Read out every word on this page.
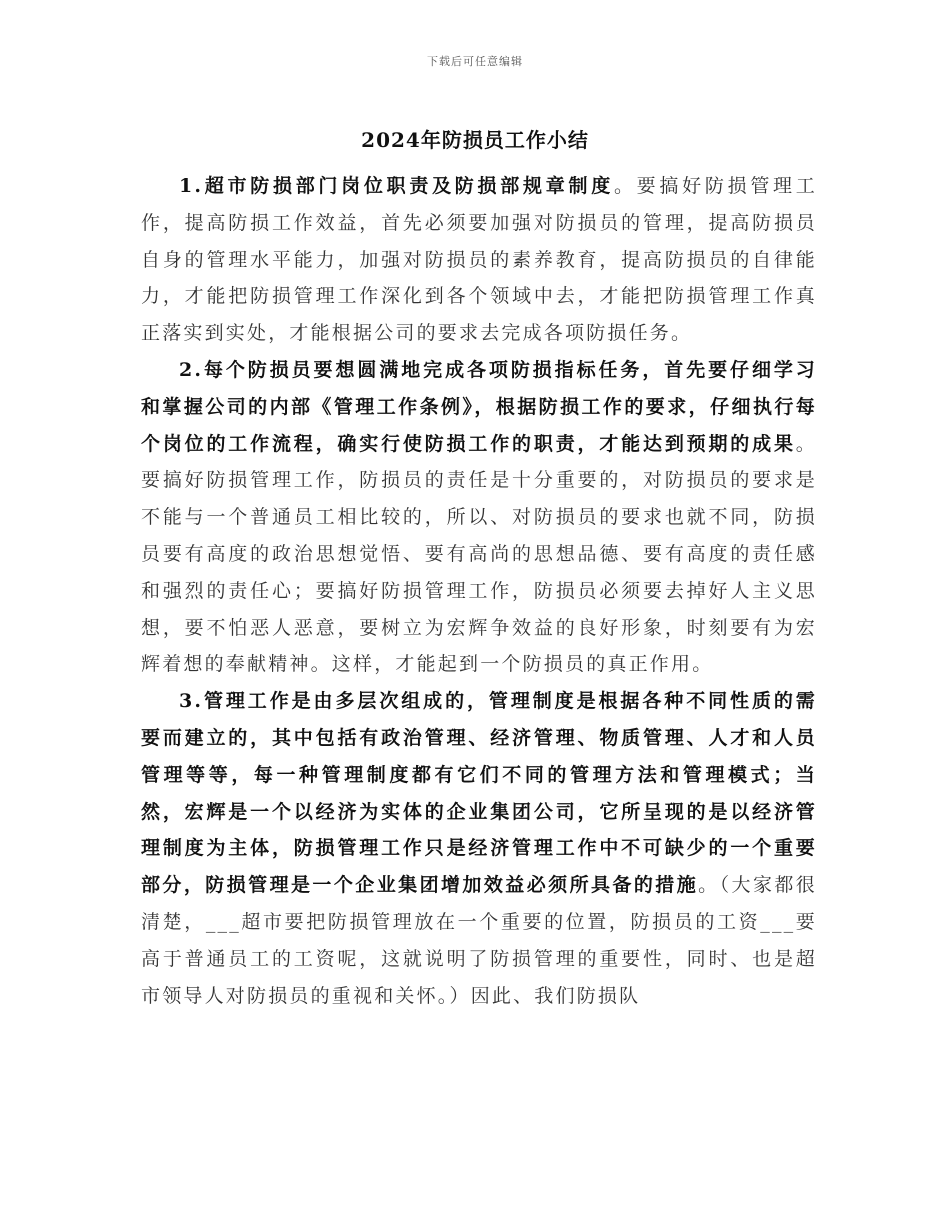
下载后可任意编辑
2024年防损员工作小结

1.超市防损部门岗位职责及防损部规章制度。要搞好防损管理工作，提高防损工作效益，首先必须要加强对防损员的管理，提高防损员自身的管理水平能力，加强对防损员的素养教育，提高防损员的自律能力，才能把防损管理工作深化到各个领域中去，才能把防损管理工作真正落实到实处，才能根据公司的要求去完成各项防损任务。

2.每个防损员要想圆满地完成各项防损指标任务，首先要仔细学习和掌握公司的内部《管理工作条例》，根据防损工作的要求，仔细执行每个岗位的工作流程，确实行使防损工作的职责，才能达到预期的成果。要搞好防损管理工作，防损员的责任是十分重要的，对防损员的要求是不能与一个普通员工相比较的，所以、对防损员的要求也就不同，防损员要有高度的政治思想觉悟、要有高尚的思想品德、要有高度的责任感和强烈的责任心；要搞好防损管理工作，防损员必须要去掉好人主义思想，要不怕恶人恶意，要树立为宏辉争效益的良好形象，时刻要有为宏辉着想的奉献精神。这样，才能起到一个防损员的真正作用。

3.管理工作是由多层次组成的，管理制度是根据各种不同性质的需要而建立的，其中包括有政治管理、经济管理、物质管理、人才和人员管理等等，每一种管理制度都有它们不同的管理方法和管理模式；当然，宏辉是一个以经济为实体的企业集团公司，它所呈现的是以经济管理制度为主体，防损管理工作只是经济管理工作中不可缺少的一个重要部分，防损管理是一个企业集团增加效益必须所具备的措施。（大家都很清楚，___超市要把防损管理放在一个重要的位置，防损员的工资___要高于普通员工的工资呢，这就说明了防损管理的重要性，同时、也是超市领导人对防损员的重视和关怀。）因此、我们防损队
